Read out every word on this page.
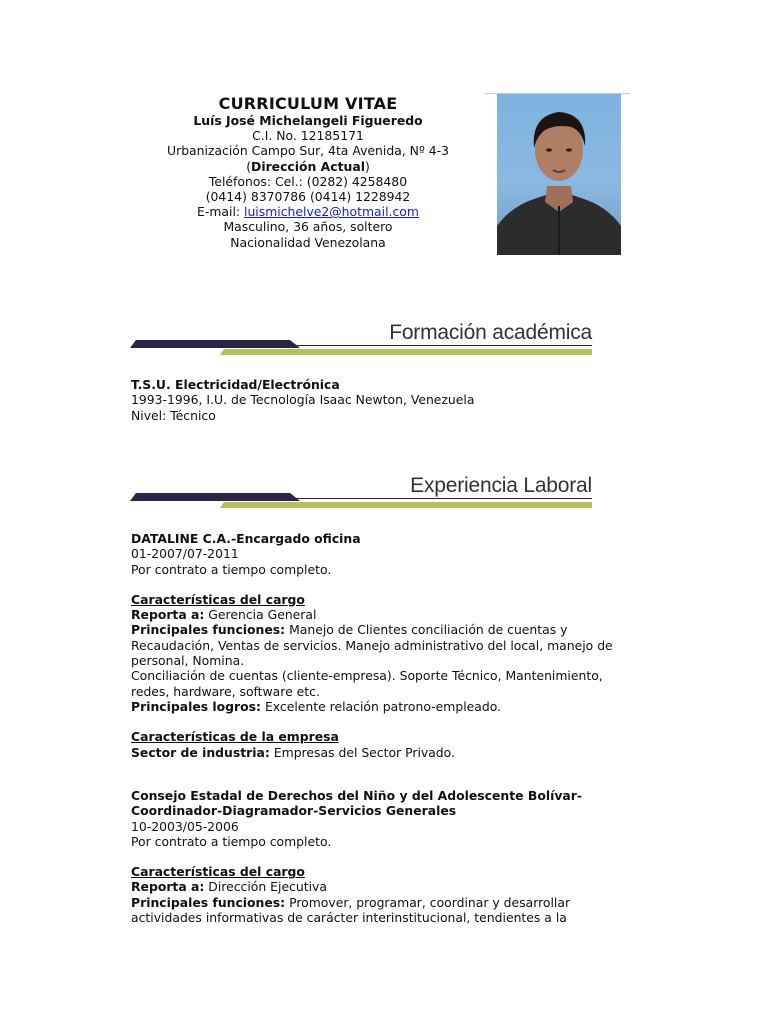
CURRICULUM VITAE
Luís José Michelangeli Figueredo
C.I. No. 12185171
Urbanización Campo Sur, 4ta Avenida, Nº 4-3
(Dirección Actual)
Teléfonos: Cel.: (0282) 4258480
(0414) 8370786 (0414) 1228942
E-mail: luismichelve2@hotmail.com
Masculino, 36 años, soltero
Nacionalidad Venezolana
Formación académica

T.S.U. Electricidad/Electrónica

1993-1996, I.U. de Tecnología Isaac Newton, Venezuela

Nivel: Técnico

Experiencia Laboral

DATALINE C.A.-Encargado oficina

01-2007/07-2011

Por contrato a tiempo completo.

Características del cargo

Reporta a: Gerencia General

Principales funciones: Manejo de Clientes conciliación de cuentas y

Recaudación, Ventas de servicios. Manejo administrativo del local, manejo de

personal, Nomina.

Conciliación de cuentas (cliente-empresa). Soporte Técnico, Mantenimiento,

redes, hardware, software etc.

Principales logros: Excelente relación patrono-empleado.

Características de la empresa

Sector de industria: Empresas del Sector Privado.

Consejo Estadal de Derechos del Niño y del Adolescente Bolívar-

Coordinador-Diagramador-Servicios Generales

10-2003/05-2006

Por contrato a tiempo completo.

Características del cargo

Reporta a: Dirección Ejecutiva

Principales funciones: Promover, programar, coordinar y desarrollar

actividades informativas de carácter interinstitucional, tendientes a la
